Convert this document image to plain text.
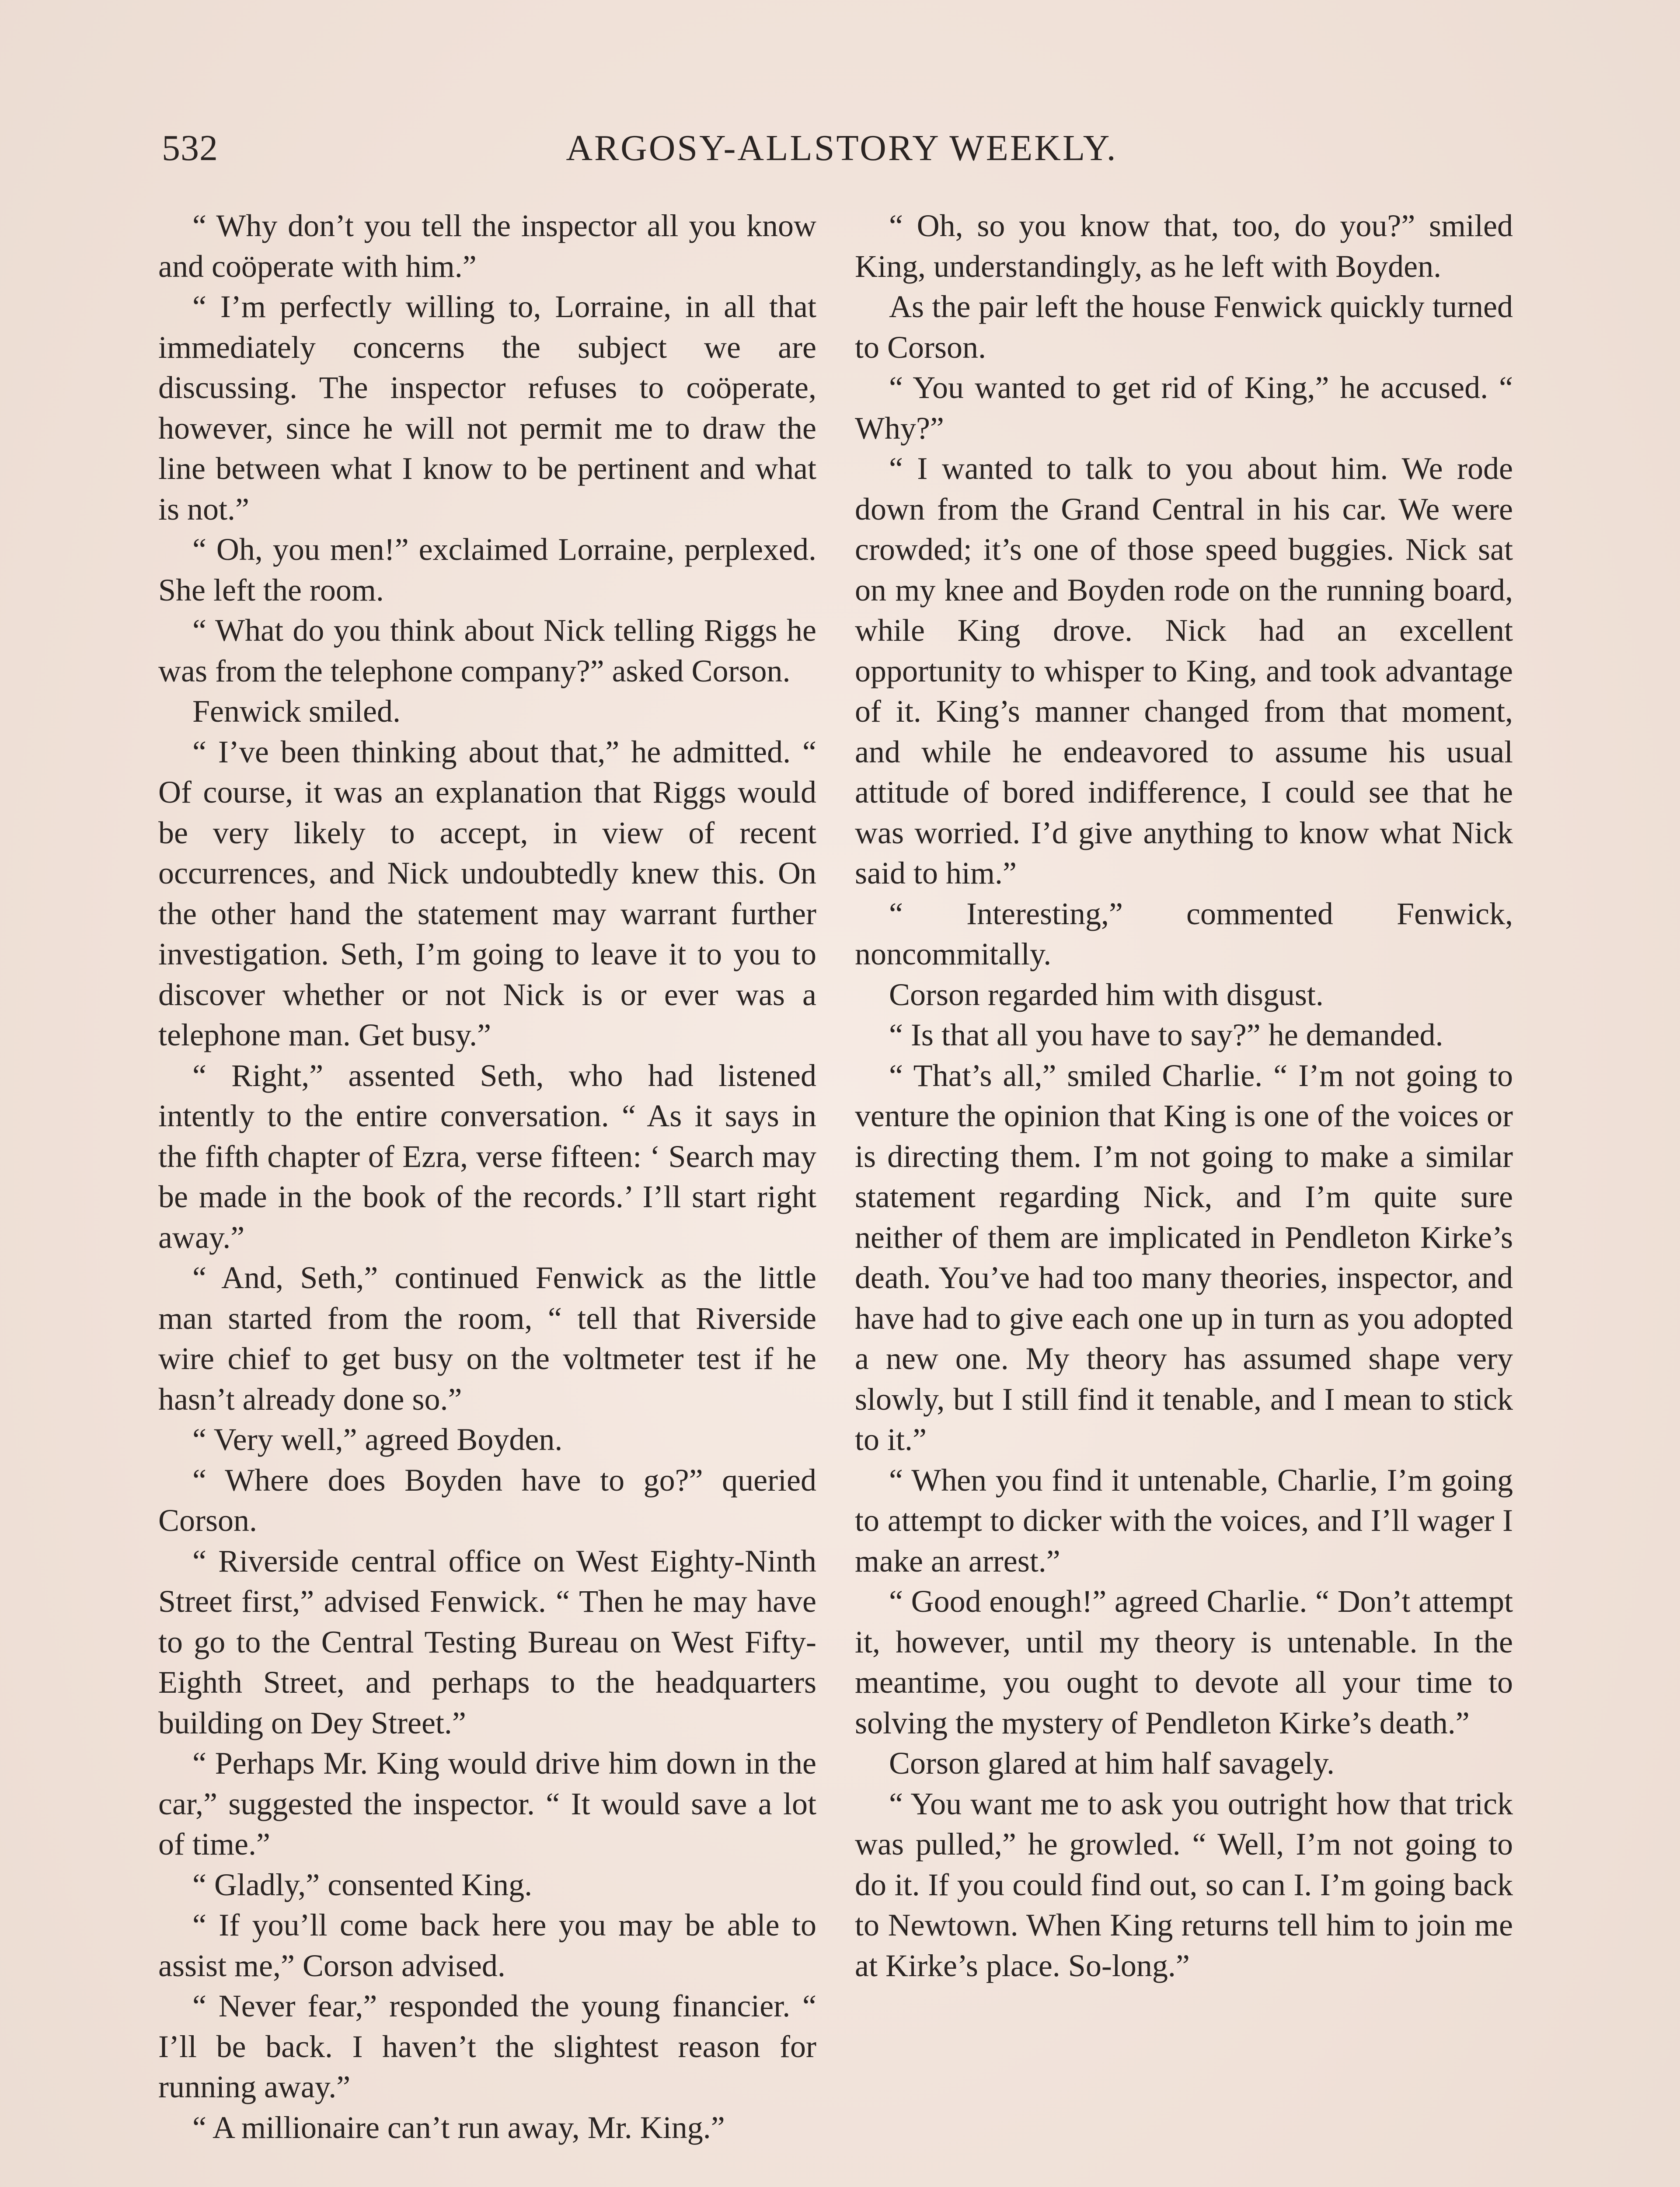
ARGOSY-ALLSTORY WEEKLY.
532

“ Why don’t you tell the inspector all you know and coöperate with him.”

“ I’m perfectly willing to, Lorraine, in all that immediately concerns the subject we are discussing. The inspector refuses to coöperate, however, since he will not permit me to draw the line between what I know to be pertinent and what is not.”

“ Oh, you men!” exclaimed Lorraine, perplexed. She left the room.

“ What do you think about Nick telling Riggs he was from the telephone company?” asked Corson.

Fenwick smiled.

“ I’ve been thinking about that,” he admitted. “ Of course, it was an explanation that Riggs would be very likely to accept, in view of recent occurrences, and Nick undoubtedly knew this. On the other hand the statement may warrant further investigation. Seth, I’m going to leave it to you to discover whether or not Nick is or ever was a telephone man. Get busy.”

“ Right,” assented Seth, who had listened intently to the entire conversation. “ As it says in the fifth chapter of Ezra, verse fifteen: ‘ Search may be made in the book of the records.’ I’ll start right away.”

“ And, Seth,” continued Fenwick as the little man started from the room, “ tell that Riverside wire chief to get busy on the voltmeter test if he hasn’t already done so.”

“ Very well,” agreed Boyden.

“ Where does Boyden have to go?” queried Corson.

“ Riverside central office on West Eighty-Ninth Street first,” advised Fenwick. “ Then he may have to go to the Central Testing Bureau on West Fifty-Eighth Street, and perhaps to the headquarters building on Dey Street.”

“ Perhaps Mr. King would drive him down in the car,” suggested the inspector. “ It would save a lot of time.”

“ Gladly,” consented King.

“ If you’ll come back here you may be able to assist me,” Corson advised.

“ Never fear,” responded the young financier. “ I’ll be back. I haven’t the slightest reason for running away.”

“ A millionaire can’t run away, Mr. King.”

“ Oh, so you know that, too, do you?” smiled King, understandingly, as he left with Boyden.

As the pair left the house Fenwick quickly turned to Corson.

“ You wanted to get rid of King,” he accused. “ Why?”

“ I wanted to talk to you about him. We rode down from the Grand Central in his car. We were crowded; it’s one of those speed buggies. Nick sat on my knee and Boyden rode on the running board, while King drove. Nick had an excellent opportunity to whisper to King, and took advantage of it. King’s manner changed from that moment, and while he endeavored to assume his usual attitude of bored indifference, I could see that he was worried. I’d give anything to know what Nick said to him.”

“ Interesting,” commented Fenwick, noncommitally.

Corson regarded him with disgust.

“ Is that all you have to say?” he demanded.

“ That’s all,” smiled Charlie. “ I’m not going to venture the opinion that King is one of the voices or is directing them. I’m not going to make a similar statement regarding Nick, and I’m quite sure neither of them are implicated in Pendleton Kirke’s death. You’ve had too many theories, inspector, and have had to give each one up in turn as you adopted a new one. My theory has assumed shape very slowly, but I still find it tenable, and I mean to stick to it.”

“ When you find it untenable, Charlie, I’m going to attempt to dicker with the voices, and I’ll wager I make an arrest.”

“ Good enough!” agreed Charlie. “ Don’t attempt it, however, until my theory is untenable. In the meantime, you ought to devote all your time to solving the mystery of Pendleton Kirke’s death.”

Corson glared at him half savagely.

“ You want me to ask you outright how that trick was pulled,” he growled. “ Well, I’m not going to do it. If you could find out, so can I. I’m going back to Newtown. When King returns tell him to join me at Kirke’s place. So-long.”
